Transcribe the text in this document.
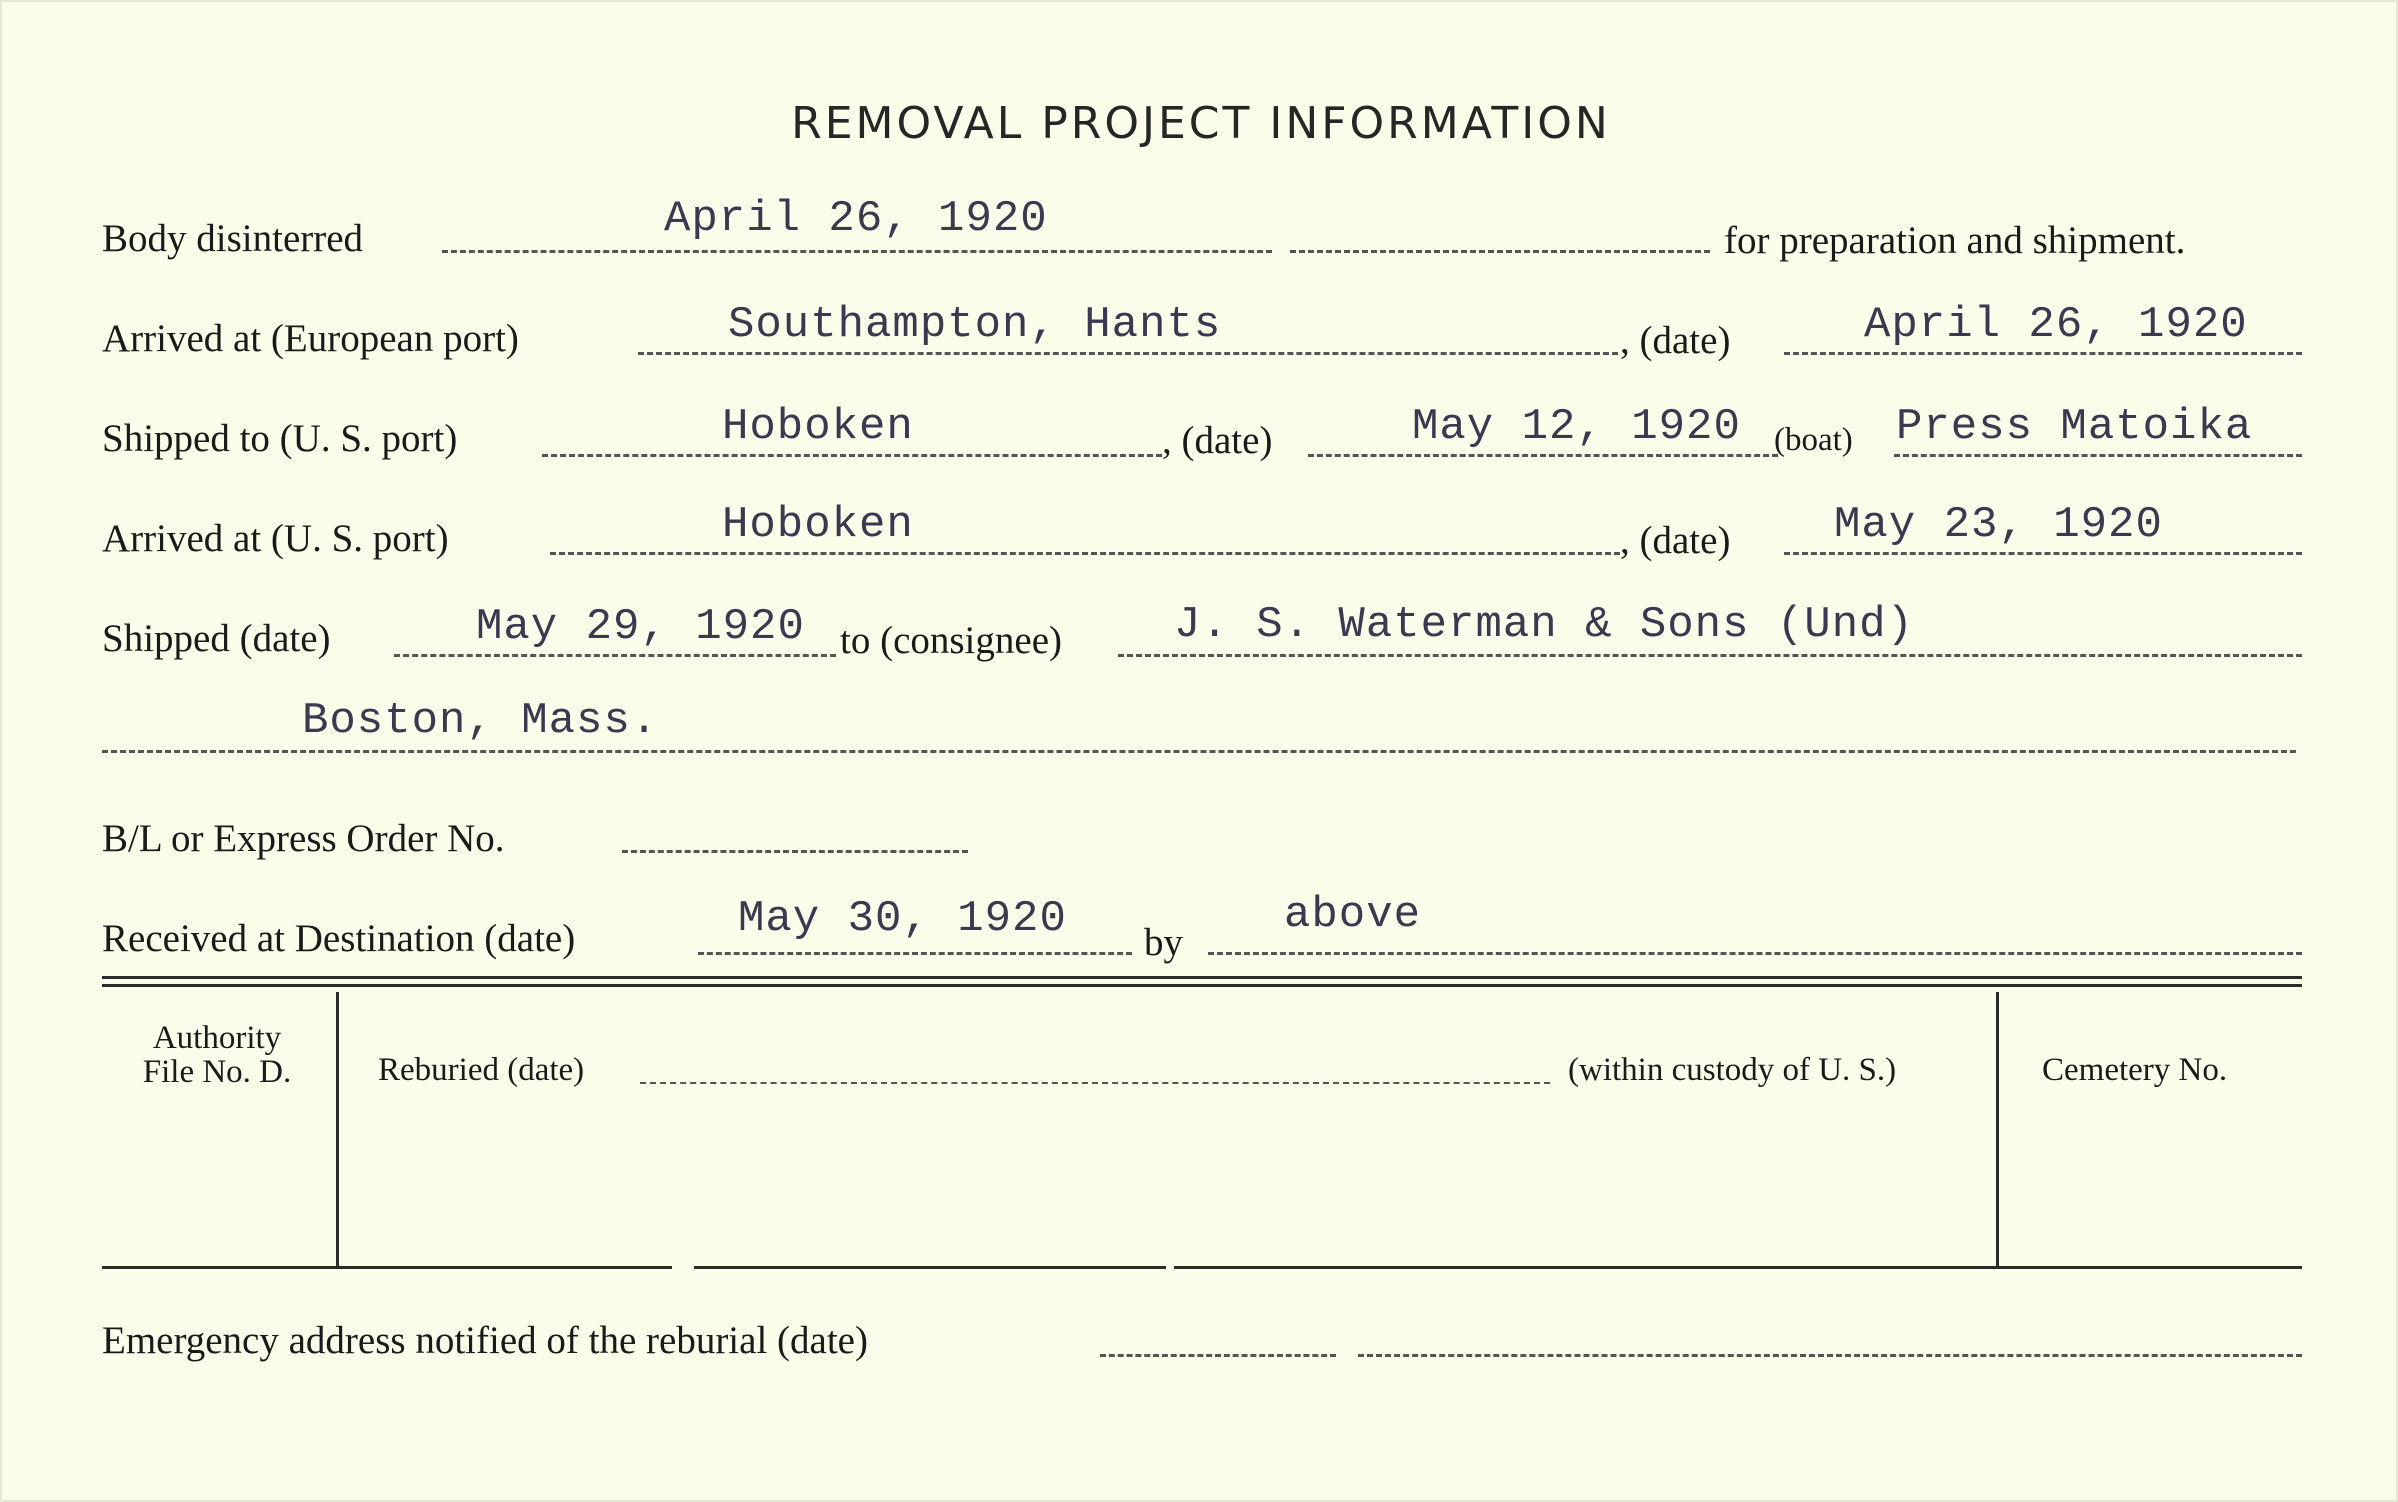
REMOVAL PROJECT INFORMATION
Body disinterred	April 26, 1920	for preparation and shipment.
Arrived at (European port)	Southampton, Hants	, (date)	April 26, 1920
Shipped to (U. S. port)	Hoboken	, (date)	May 12, 1920 (boat) Press Matoika
Arrived at (U. S. port)	Hoboken	, (date) May 23, 1920
Shipped (date)	May 29, 1920 to (consignee)	J. S. Waterman & Sons (Und)
Boston, Mass.
B/L or Express Order No.
Received at Destination (date)	May 30, 1920 by
above
Authority
File No. D.	Reburied (date)	(within custody of U. S.)	Cemetery No.
Emergency address notified of the reburial (date)
